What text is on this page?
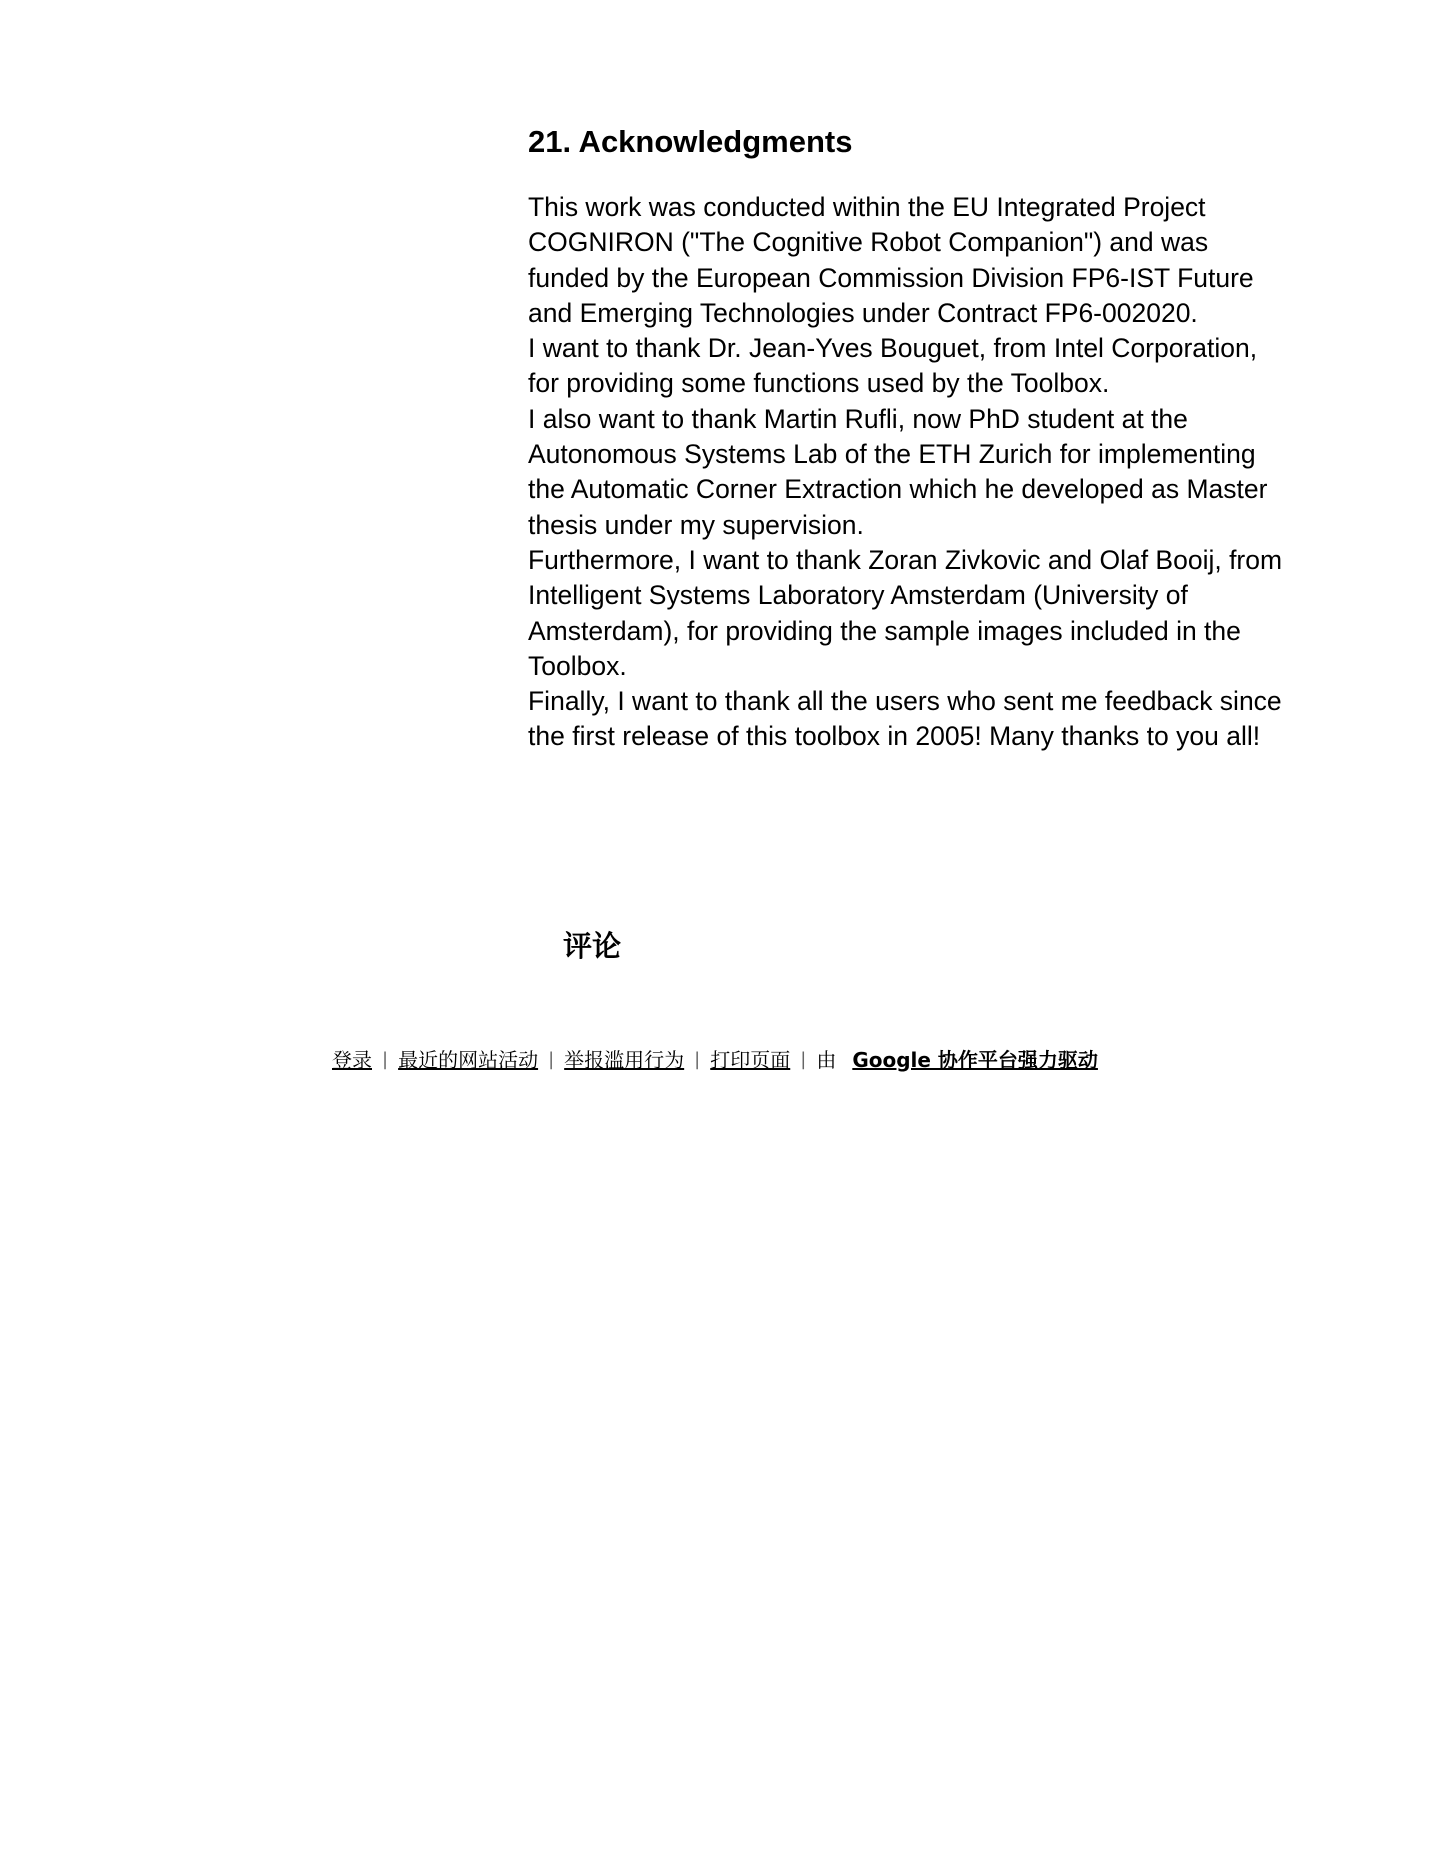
21. Acknowledgments

This work was conducted within the EU Integrated Project COGNIRON ("The Cognitive Robot Companion") and was funded by the European Commission Division FP6-IST Future and Emerging Technologies under Contract FP6-002020.

I want to thank Dr. Jean-Yves Bouguet, from Intel Corporation, for providing some functions used by the Toolbox.

I also want to thank Martin Rufli, now PhD student at the Autonomous Systems Lab of the ETH Zurich for implementing the Automatic Corner Extraction which he developed as Master thesis under my supervision.

Furthermore, I want to thank Zoran Zivkovic and Olaf Booij, from Intelligent Systems Laboratory Amsterdam (University of Amsterdam), for providing the sample images included in the Toolbox.

Finally, I want to thank all the users who sent me feedback since the first release of this toolbox in 2005! Many thanks to you all!

评论
登录 | 最近的网站活动 | 举报滥用行为 | 打印页面 | 由 Google 协作平台强力驱动
